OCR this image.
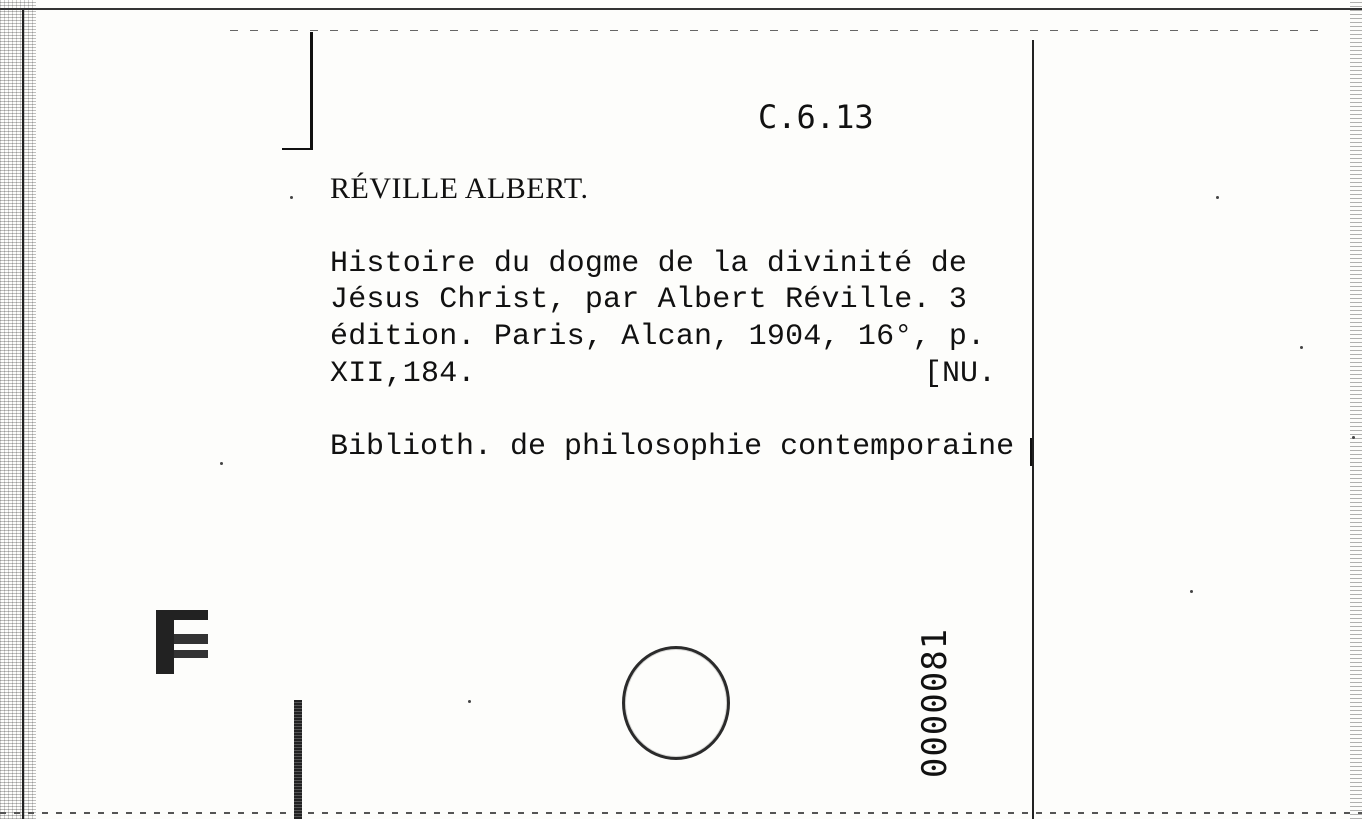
C.6.13
RÉVILLE ALBERT.
Histoire du dogme de la divinité de
Jésus Christ, par Albert Réville. 3
édition. Paris, Alcan, 1904, 16°, p.
XII,184.	[NU.
Biblioth. de philosophie contemporaine
0000081
